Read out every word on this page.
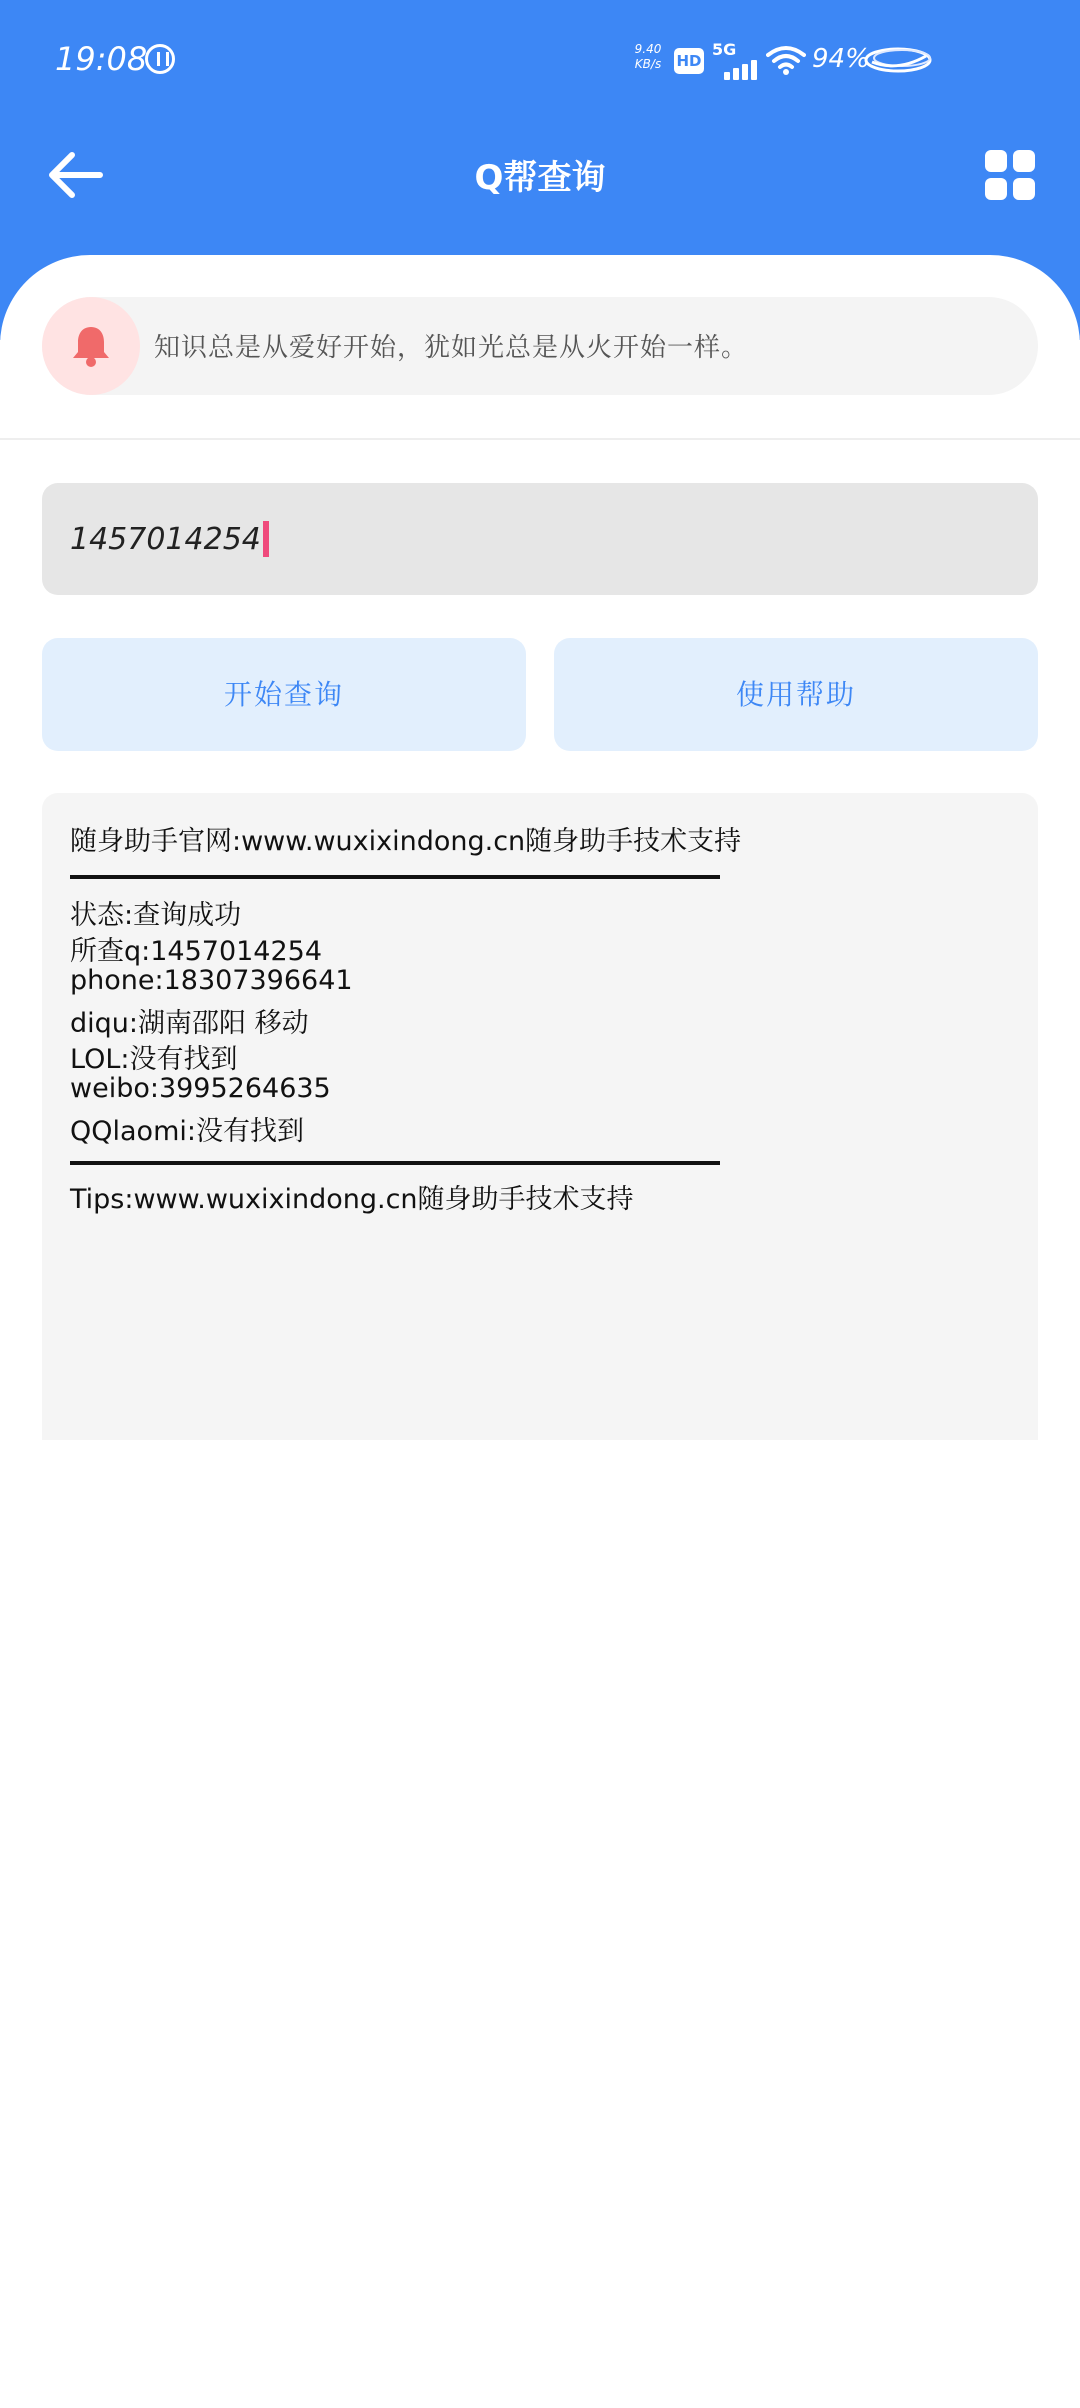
19:08	9.40
KB/s	HD
5G	94%
Q帮查询
知识总是从爱好开始，犹如光总是从火开始一样。
1457014254
开始查询	使用帮助
随身助手官网:www.wuxixindong.cn随身助手技术支持
状态:查询成功
所查q:1457014254
phone:18307396641
diqu:湖南邵阳 移动
LOL:没有找到
weibo:3995264635
QQlaomi:没有找到
Tips:www.wuxixindong.cn随身助手技术支持
